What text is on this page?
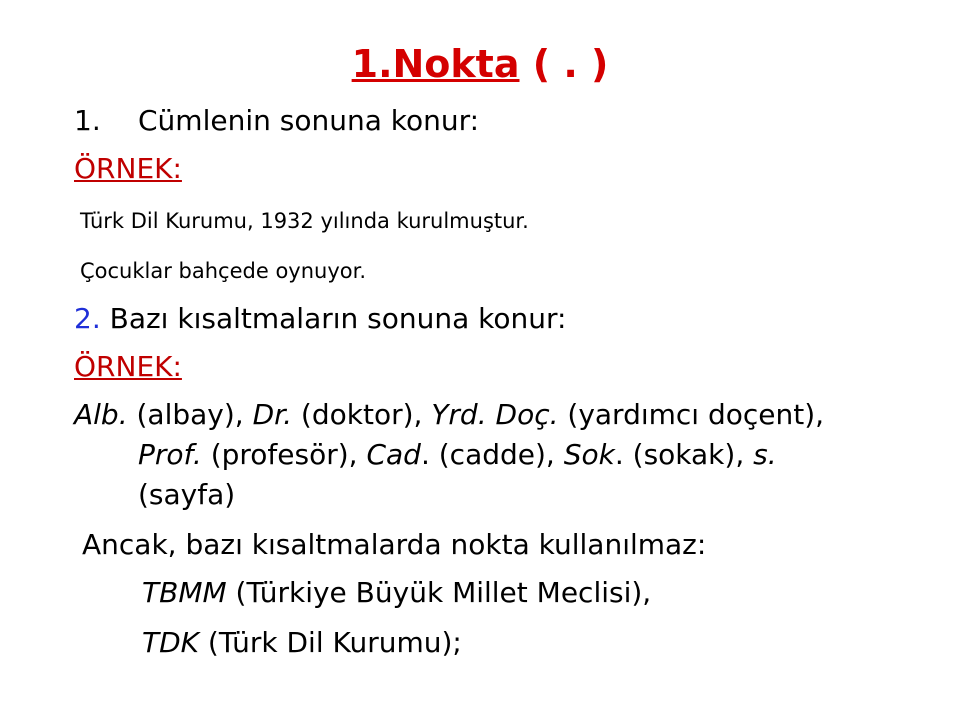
1.Nokta ( . )
1. Cümlenin sonuna konur:
ÖRNEK:
Türk Dil Kurumu, 1932 yılında kurulmuştur.
Çocuklar bahçede oynuyor.
2. Bazı kısaltmaların sonuna konur:
ÖRNEK:
Alb. (albay), Dr. (doktor), Yrd. Doç. (yardımcı doçent),
Prof. (profesör), Cad. (cadde), Sok. (sokak), s.
(sayfa)
Ancak, bazı kısaltmalarda nokta kullanılmaz:
TBMM (Türkiye Büyük Millet Meclisi),
TDK (Türk Dil Kurumu);
